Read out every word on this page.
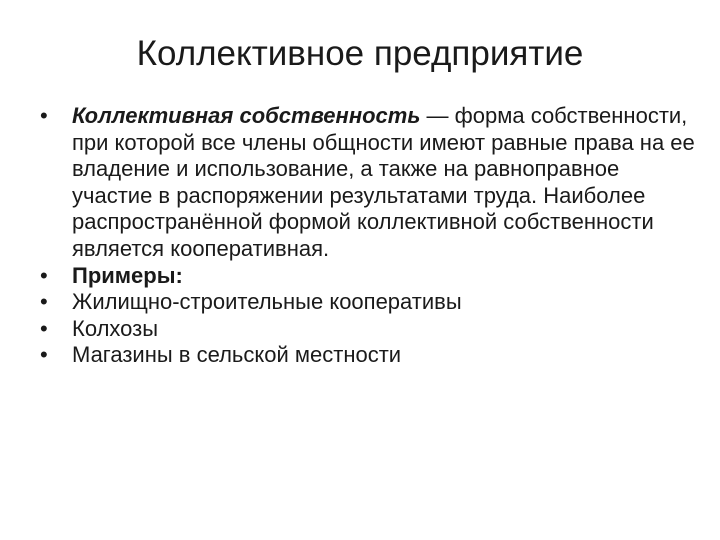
Коллективное предприятие
• Коллективная собственность — форма собственности, при которой все члены общности имеют равные права на ее владение и использование, а также на равноправное участие в распоряжении результатами труда. Наиболее распространённой формой коллективной собственности является кооперативная.
• Примеры:
• Жилищно-строительные кооперативы
• Колхозы
• Магазины в сельской местности
